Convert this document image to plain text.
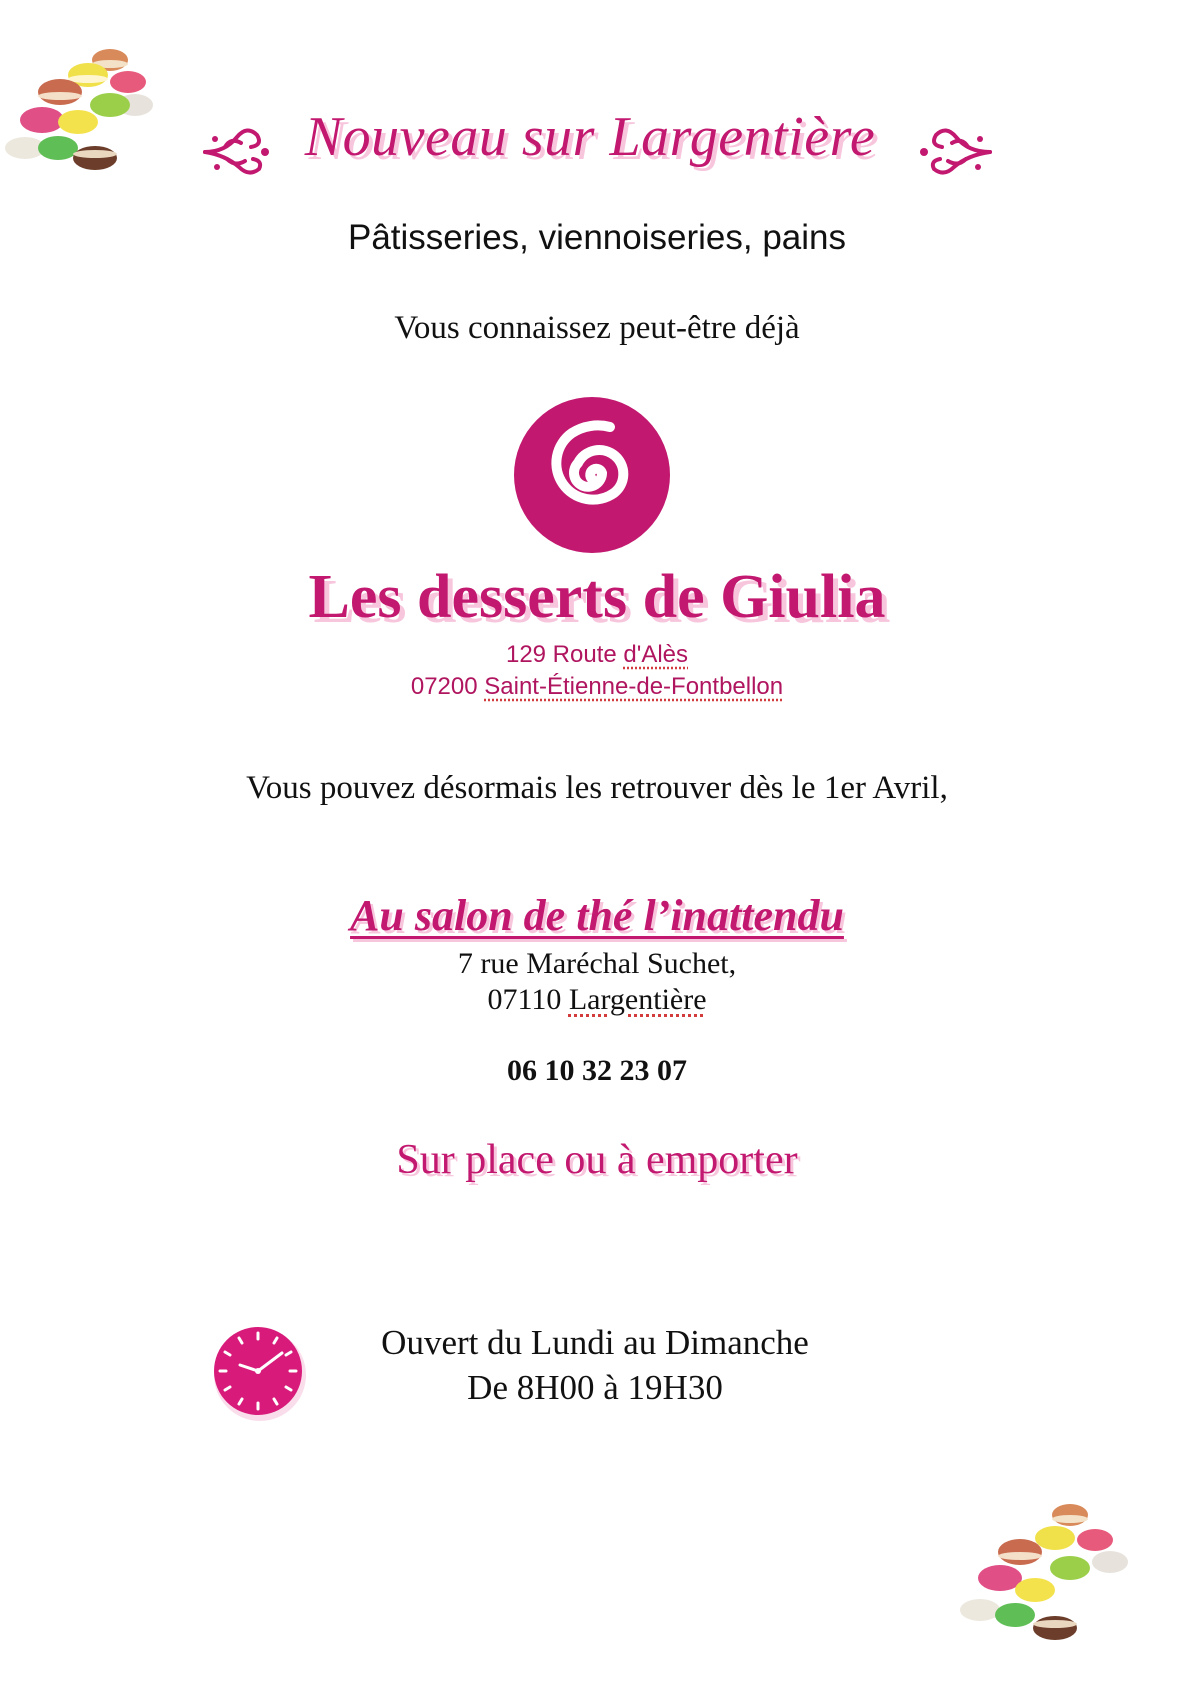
Nouveau sur Largentière
Pâtisseries, viennoiseries, pains
Vous connaissez peut-être déjà
Les desserts de Giulia
129 Route d'Alès
07200 Saint-Étienne-de-Fontbellon
Vous pouvez désormais les retrouver dès le 1er Avril,
Au salon de thé l’inattendu
7 rue Maréchal Suchet,
07110 Largentière
06 10 32 23 07
Sur place ou à emporter
Ouvert du Lundi au Dimanche
De 8H00 à 19H30
